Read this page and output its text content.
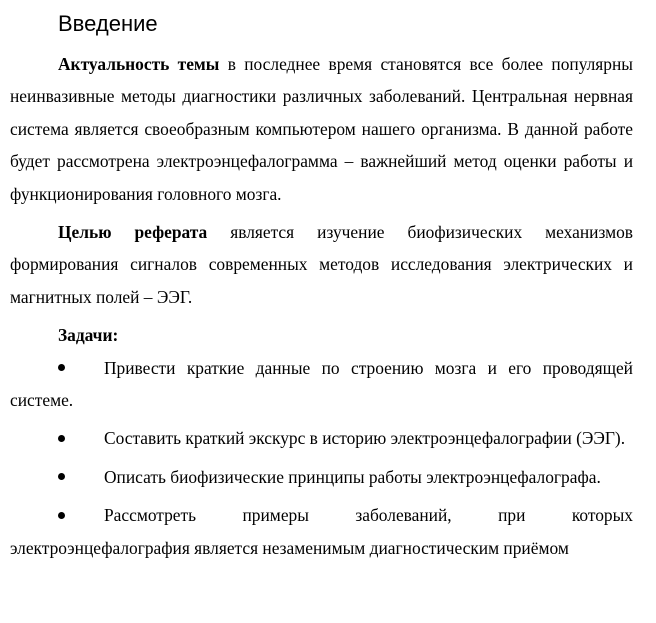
Введение

Актуальность темы в последнее время становятся все более популярны неинвазивные методы диагностики различных заболеваний. Центральная нервная система является своеобразным компьютером нашего организма. В данной работе будет рассмотрена электроэнцефалограмма – важнейший метод оценки работы и функционирования головного мозга.

Целью реферата является изучение биофизических механизмов формирования сигналов современных методов исследования электрических и магнитных полей – ЭЭГ.

Задачи:

Привести краткие данные по строению мозга и его проводящей системе.

Составить краткий экскурс в историю электроэнцефалографии (ЭЭГ).

Описать биофизические принципы работы электроэнцефалографа.

Рассмотреть примеры заболеваний, при которых электроэнцефалография является незаменимым диагностическим приёмом
